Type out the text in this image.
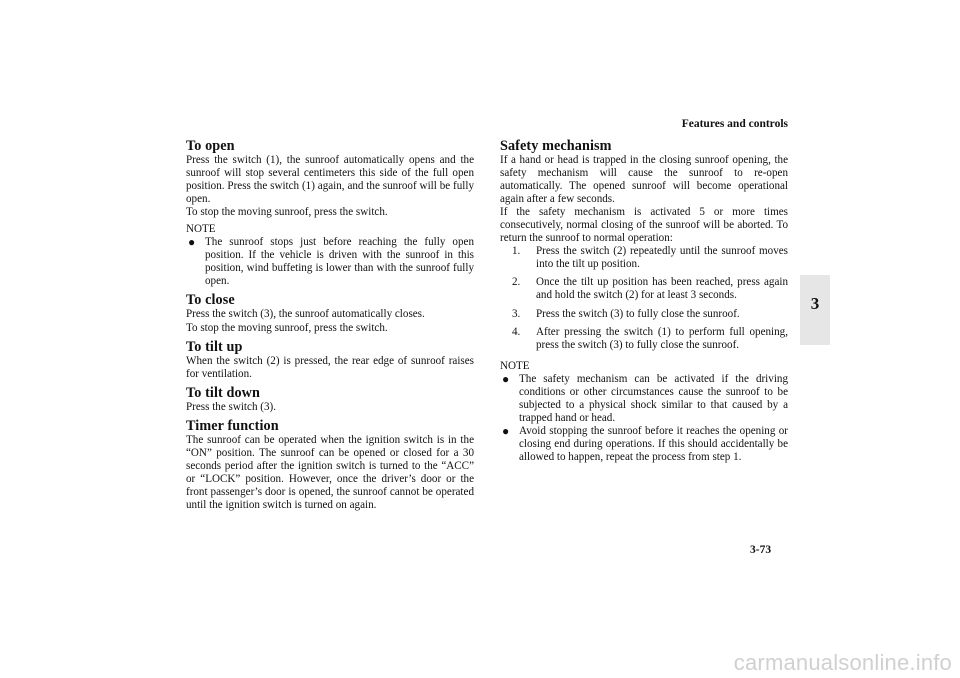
Features and controls
3
To open

Press the switch (1), the sunroof automatically opens and the sunroof will stop several centimeters this side of the full open position. Press the switch (1) again, and the sunroof will be fully open.

To stop the moving sunroof, press the switch.

NOTE

● The sunroof stops just before reaching the fully open position. If the vehicle is driven with the sunroof in this position, wind buffeting is lower than with the sunroof fully open.
To close

Press the switch (3), the sunroof automatically closes.

To stop the moving sunroof, press the switch.

To tilt up

When the switch (2) is pressed, the rear edge of sunroof raises for ventilation.

To tilt down

Press the switch (3).

Timer function

The sunroof can be operated when the ignition switch is in the “ON” position. The sunroof can be opened or closed for a 30 seconds period after the ignition switch is turned to the “ACC” or “LOCK” position. However, once the driver’s door or the front passenger’s door is opened, the sunroof cannot be operated until the ignition switch is turned on again.

Safety mechanism

If a hand or head is trapped in the closing sunroof opening, the safety mechanism will cause the sunroof to re-open automatically. The opened sunroof will become operational again after a few seconds.

If the safety mechanism is activated 5 or more times consecutively, normal closing of the sunroof will be aborted. To return the sunroof to normal operation:

1.	Press the switch (2) repeatedly until the sunroof moves into the tilt up position.
2.	Once the tilt up position has been reached, press again and hold the switch (2) for at least 3 seconds.
3.	Press the switch (3) to fully close the sunroof.
4.	After pressing the switch (1) to perform full opening, press the switch (3) to fully close the sunroof.

NOTE

● The safety mechanism can be activated if the driving conditions or other circumstances cause the sunroof to be subjected to a physical shock similar to that caused by a trapped hand or head.
● Avoid stopping the sunroof before it reaches the opening or closing end during operations. If this should accidentally be allowed to happen, repeat the process from step 1.
3-73
carmanualsonline.info
